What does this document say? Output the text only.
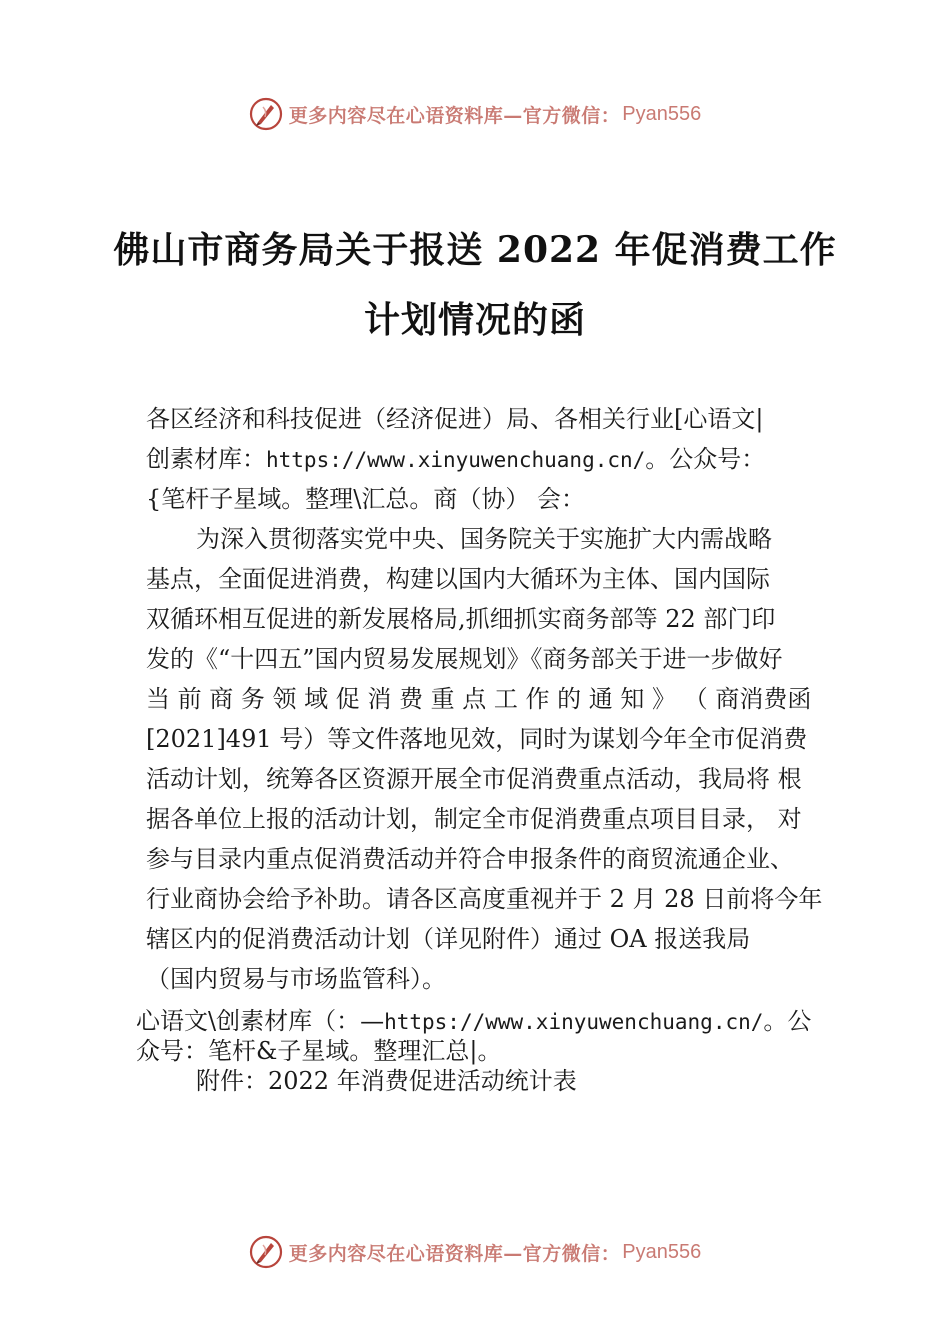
更多内容尽在心语资料库—官方微信： Pyan556
佛山市商务局关于报送 2022 年促消费工作
计划情况的函
各区经济和科技促进（经济促进）局、各相关行业[心语文|
创素材库：https://www.xinyuwenchuang.cn/。公众号：
{笔杆子星域。整理\汇总。商（协） 会：
为深入贯彻落实党中央、国务院关于实施扩大内需战略
基点，全面促进消费，构建以国内大循环为主体、国内国际
双循环相互促进的新发展格局,抓细抓实商务部等 22 部门印
发的《“十四五”国内贸易发展规划》《商务部关于进一步做好
当 前 商 务 领 域 促 消 费 重 点 工 作 的 通 知 》 （ 商消费函
[2021]491 号）等文件落地见效，同时为谋划今年全市促消费
活动计划，统筹各区资源开展全市促消费重点活动，我局将 根
据各单位上报的活动计划，制定全市促消费重点项目目录， 对
参与目录内重点促消费活动并符合申报条件的商贸流通企业、
行业商协会给予补助。请各区高度重视并于 2 月 28 日前将今年
辖区内的促消费活动计划（详见附件）通过 OA 报送我局
（国内贸易与市场监管科）。
心语文\创素材库（：—https://www.xinyuwenchuang.cn/。公
众号：笔杆&子星域。整理汇总|。
附件：2022 年消费促进活动统计表
更多内容尽在心语资料库—官方微信： Pyan556
